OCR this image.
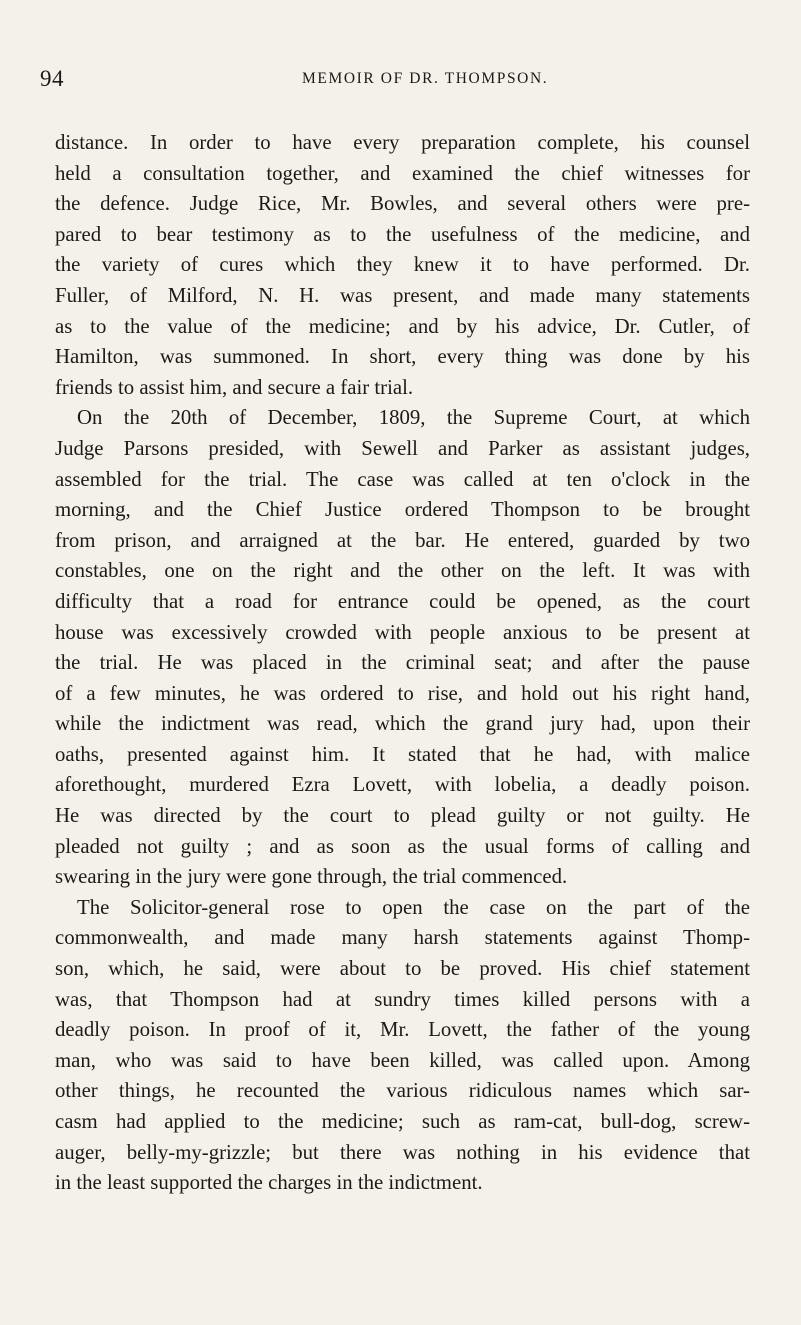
94	MEMOIR OF DR. THOMPSON.
distance. In order to have every preparation complete, his counsel
held a consultation together, and examined the chief witnesses for
the defence. Judge Rice, Mr. Bowles, and several others were pre-
pared to bear testimony as to the usefulness of the medicine, and
the variety of cures which they knew it to have performed. Dr.
Fuller, of Milford, N. H. was present, and made many statements
as to the value of the medicine; and by his advice, Dr. Cutler, of
Hamilton, was summoned. In short, every thing was done by his
friends to assist him, and secure a fair trial.
On the 20th of December, 1809, the Supreme Court, at which
Judge Parsons presided, with Sewell and Parker as assistant judges,
assembled for the trial. The case was called at ten o'clock in the
morning, and the Chief Justice ordered Thompson to be brought
from prison, and arraigned at the bar. He entered, guarded by two
constables, one on the right and the other on the left. It was with
difficulty that a road for entrance could be opened, as the court
house was excessively crowded with people anxious to be present at
the trial. He was placed in the criminal seat; and after the pause
of a few minutes, he was ordered to rise, and hold out his right hand,
while the indictment was read, which the grand jury had, upon their
oaths, presented against him. It stated that he had, with malice
aforethought, murdered Ezra Lovett, with lobelia, a deadly poison.
He was directed by the court to plead guilty or not guilty. He
pleaded not guilty ; and as soon as the usual forms of calling and
swearing in the jury were gone through, the trial commenced.
The Solicitor-general rose to open the case on the part of the
commonwealth, and made many harsh statements against Thomp-
son, which, he said, were about to be proved. His chief statement
was, that Thompson had at sundry times killed persons with a
deadly poison. In proof of it, Mr. Lovett, the father of the young
man, who was said to have been killed, was called upon. Among
other things, he recounted the various ridiculous names which sar-
casm had applied to the medicine; such as ram-cat, bull-dog, screw-
auger, belly-my-grizzle; but there was nothing in his evidence that
in the least supported the charges in the indictment.
